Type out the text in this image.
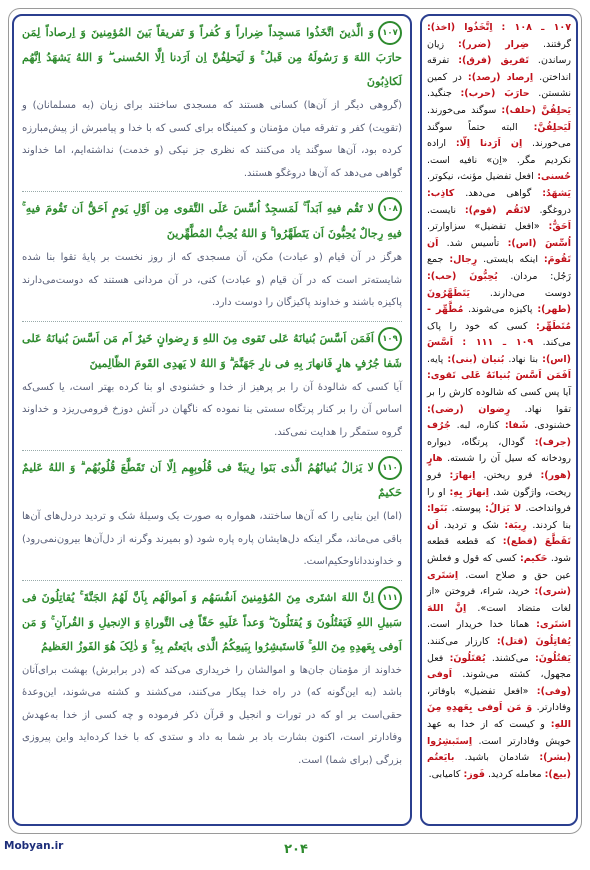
۱۰۷ ـ ۱۰۸ : اِتَّخَذُوا (اخذ): گرفتند. ضِرار (ضرر): زیان رساندن. تَفریق (فرق): تفرقه انداختن. اِرصاد (رصد): در کمین نشستن. حارَبَ (حرب): جنگید. یَحلِفُنَّ (حلف): سوگند می‌خورند. لَیَحلِفُنَّ: البته حتماً سوگند می‌خورند. اِن اَرَدنا اِلّا: اراده نکردیم مگر. «اِن» نافیه است. حُسنی: افعل تفضیل مؤنث، نیکوتر. یَشهَدُ: گواهی می‌دهد. کاذِب: دروغگو. لاتَقُم (قوم): نایست. اَحَقُّ: «افعل تفضیل» سزاوارتر. اُسِّسَ (اس): تأسیس شد. اَن تَقُومَ: اینکه بایستی. رِجال: جمع رَجُل: مردان. یُحِبُّونَ (حب): دوست می‌دارند. یَتَطَهَّرُونَ (طهر): پاکیزه می‌شوند. مُطَّهِّر - مُتَطَهِّر: کسی که خود را پاک می‌کند. ۱۰۹ ـ ۱۱۱ : اَسَّسَ (اس): بنا نهاد. بُنیان (بنی): پایه. اَفَمَن اَسَّسَ بُنیانَهُ عَلی تَقوی: آیا پس کسی که شالوده کارش را بر تقوا نهاد. رِضوان (رضی): خشنودی. شَفا: کناره، لبه. جُرُف (جرف): گودال، پرتگاه، دیواره رودخانه که سیل آن را شسته. هارٍ (هور): فرو ریختن. اِنهارَ: فرو ریخت، واژگون شد. اِنهارَ بِهِ: او را فروانداخت. لا یَزالُ: پیوسته. بَنَوا: بنا کردند. رِیبَة: شک و تردید. اَن تَقَطَّعَ (قطع): که قطعه قطعه شود. حَکیم: کسی که قول و فعلش عین حق و صلاح است. اِشتَری (شری): خرید، شراء، فروختن «از لغات متضاد است». اِنَّ اللهَ اشتَری: همانا خدا خریدار است. یُقاتِلُونَ (قتل): کارزار می‌کنند. یَقتُلُونَ: می‌کشند. یُقتَلُونَ: فعل مجهول، کشته می‌شوند. اَوفی (وفی): «افعل تفضیل» باوفاتر، وفادارتر. وَ مَن اَوفی بِعَهدِهِ مِنَ اللهِ: و کیست که از خدا به عهد خویش وفادارتر است. اِستَبشِرُوا (بشر): شادمان باشید. بایَعتُم (بیع): معامله کردید. فَوز: کامیابی.
۱۰۷وَ الَّذینَ اتَّخَذُوا مَسجِداً ضِراراً وَ کُفراً وَ تَفریقاً بَینَ المُؤمِنینَ وَ اِرصاداً لِمَن حارَبَ اللهَ وَ رَسُولَهُ مِن قَبلُ ۚ وَ لَیَحلِفُنَّ اِن اَرَدنا اِلَّا الحُسنی ۖ وَ اللهُ یَشهَدُ اِنَّهُم لَکاذِبُونَ
(گروهی دیگر از آن‌ها) کسانی هستند که مسجدی ساختند برای زیان (به مسلمانان) و (تقویت) کفر و تفرقه میان مؤمنان و کمینگاه برای کسی که با خدا و پیامبرش از پیش‌مبارزه کرده بود، آن‌ها سوگند یاد می‌کنند که نظری جز نیکی (و خدمت) نداشته‌ایم، اما خداوند گواهی می‌دهد که آن‌ها دروغگو هستند.
۱۰۸لا تَقُم فیهِ اَبَداً ۚ لَمَسجِدٌ اُسِّسَ عَلَی التَّقوی مِن اَوَّلِ یَومٍ اَحَقُّ اَن تَقُومَ فیهِ ۚ فیهِ رِجالٌ یُحِبُّونَ اَن یَتَطَهَّرُوا ۚ وَ اللهُ یُحِبُّ المُطَّهِّرینَ
هرگز در آن قیام (و عبادت) مکن، آن مسجدی که از روز نخست بر پایهٔ تقوا بنا شده شایسته‌تر است که در آن قیام (و عبادت) کنی، در آن مردانی هستند که دوست‌می‌دارند پاکیزه باشند و خداوند پاکیزگان را دوست دارد.
۱۰۹اَفَمَن اَسَّسَ بُنیانَهُ عَلی تَقوی مِنَ اللهِ وَ رِضوانٍ خَیرٌ اَم مَن اَسَّسَ بُنیانَهُ عَلی شَفا جُرُفٍ هارٍ فَانهارَ بِهِ فی نارِ جَهَنَّمَ ۗ وَ اللهُ لا یَهدِی القَومَ الظّالِمینَ
آیا کسی که شالودهٔ آن را بر پرهیز از خدا و خشنودی او بنا کرده بهتر است، یا کسی‌که اساس آن را بر کنار پرتگاه سستی بنا نموده که ناگهان در آتش دوزخ فرومی‌ریزد و خداوند گروه ستمگر را هدایت نمی‌کند.
۱۱۰لا یَزالُ بُنیانُهُمُ الَّذی بَنَوا رِیبَةً فی قُلُوبِهِم اِلّا اَن تَقَطَّعَ قُلُوبُهُم ۗ وَ اللهُ عَلیمٌ حَکیمٌ
(اما) این بنایی را که آن‌ها ساختند، همواره به صورت یک وسیلهٔ شک و تردید دردل‌های آن‌ها باقی می‌ماند، مگر اینکه دل‌هایشان پاره پاره شود (و بمیرند وگرنه از دل‌آن‌ها بیرون‌نمی‌رود) و خداوندداناوحکیم‌است.
۱۱۱اِنَّ اللهَ اشتَری مِنَ المُؤمِنینَ اَنفُسَهُم وَ اَموالَهُم بِاَنَّ لَهُمُ الجَنَّةَ ۚ یُقاتِلُونَ فی سَبیلِ اللهِ فَیَقتُلُونَ وَ یُقتَلُونَ ۖ وَعداً عَلَیهِ حَقّاً فِی التَّوراةِ وَ الاِنجیلِ وَ القُرآنِ ۚ وَ مَن اَوفی بِعَهدِهِ مِنَ اللهِ ۚ فَاستَبشِرُوا بِبَیعِکُمُ الَّذی بایَعتُم بِهِ ۚ وَ ذٰلِکَ هُوَ الفَوزُ العَظیمُ
خداوند از مؤمنان جان‌ها و اموالشان را خریداری می‌کند که (در برابرش) بهشت برای‌آنان باشد (به این‌گونه که) در راه خدا پیکار می‌کنند، می‌کشند و کشته می‌شوند، این‌وعدهٔ حقی‌است بر او که در تورات و انجیل و قرآن ذکر فرموده و چه کسی از خدا به‌عهدش وفادارتر است، اکنون بشارت باد بر شما به داد و ستدی که با خدا کرده‌اید واین پیروزی بزرگی (برای شما) است.
Mobyan.ir	۲۰۴
